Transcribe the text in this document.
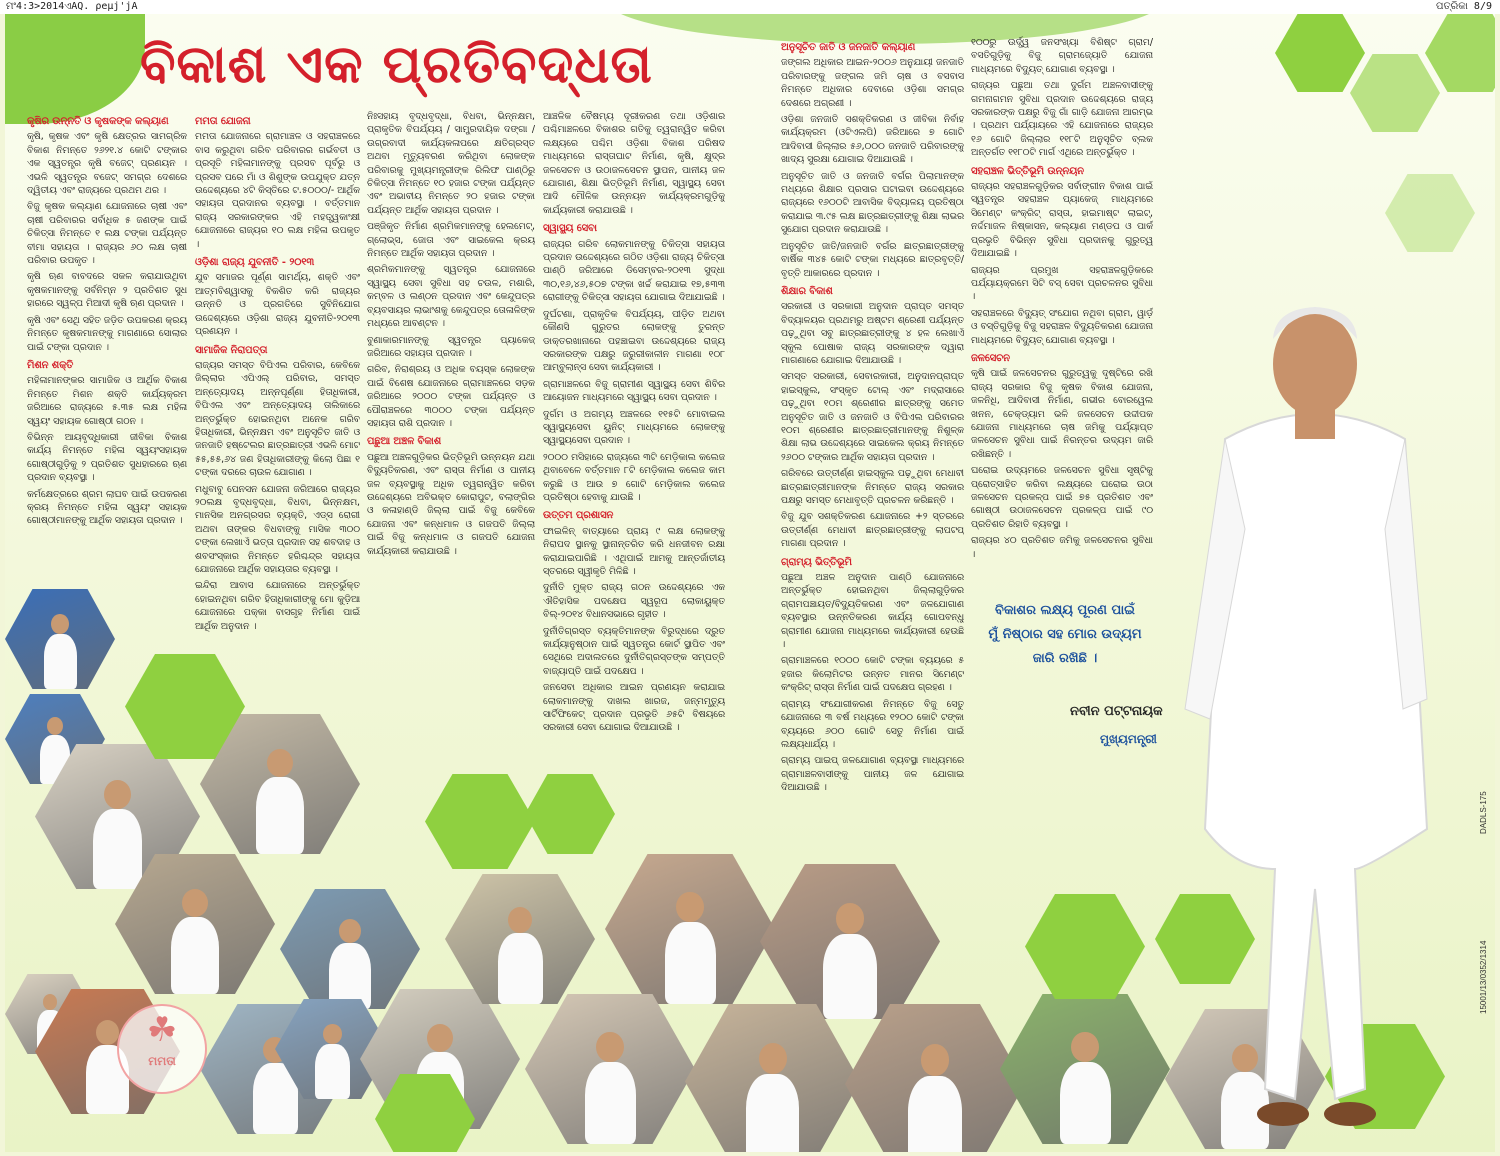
ମଂ4:3>2014ଏAQ. ρeμj'jA	ପତ୍ରିକା 8/9
ବିକାଶ ଏକ ପ୍ରତିବଦ୍ଧତା
କୃଷିର ଉନ୍ନତି ଓ କୃଷକଙ୍କ କଲ୍ୟାଣ

କୃଷି, କୃଷକ ଏବଂ କୃଷି କ୍ଷେତ୍ରର ସାମଗ୍ରିକ ବିକାଶ ନିମନ୍ତେ ୨୬୨୧.୪ କୋଟି ଟଙ୍କାର ଏକ ସ୍ୱତନ୍ତ୍ର କୃଷି ବଜେଟ୍ ପ୍ରଣୟନ । ଏଭଳି ସ୍ୱତନ୍ତ୍ର ବଜେଟ୍ ସମଗ୍ର ଦେଶରେ ଦ୍ୱିତୀୟ ଏବଂ ରାଜ୍ୟରେ ପ୍ରଥମ ଥର ।

ବିଜୁ କୃଷକ କଲ୍ୟାଣ ଯୋଜନାରେ ଚାଷୀ ଏବଂ ଚାଷୀ ପରିବାରର ସର୍ବାଧିକ ୫ ଜଣଙ୍କ ପାଇଁ ଚିକିତ୍ସା ନିମନ୍ତେ ୧ ଲକ୍ଷ ଟଙ୍କା ପର୍ଯ୍ୟନ୍ତ ବୀମା ସହାୟତା । ରାଜ୍ୟର ୬୦ ଲକ୍ଷ ଚାଷୀ ପରିବାର ଉପକୃତ ।

କୃଷି ଋଣ ବାବଦରେ ସକଳ କରାଯାଉଥିବା କୃଷକମାନଙ୍କୁ ସର୍ବନିମ୍ନ ୨ ପ୍ରତିଶତ ସୁଧ ହାରରେ ସ୍ୱଳ୍ପ ମିଆଦୀ କୃଷି ଋଣ ପ୍ରଦାନ ।

କୃଷି ଏବଂ ସେଥି ସହିତ ଜଡ଼ିତ ଉପକରଣ କ୍ରୟ ନିମନ୍ତେ କୃଷକମାନଙ୍କୁ ମାଗଣାରେ ସୋଲାର ପାଇଁ ଟଙ୍କା ପ୍ରଦାନ ।

ମିଶନ ଶକ୍ତି

ମହିଳାମାନଙ୍କର ସାମାଜିକ ଓ ଆର୍ଥିକ ବିକାଶ ନିମନ୍ତେ ମିଶନ ଶକ୍ତି କାର୍ଯ୍ୟକ୍ରମ ଜରିଆରେ ରାଜ୍ୟରେ ୫.୩୫ ଲକ୍ଷ ମହିଳା ସ୍ୱୟଂ ସହାୟକ ଗୋଷ୍ଠୀ ଗଠନ ।

ବିଭିନ୍ନ ଆୟବୃଦ୍ଧିକାରୀ ଜୀବିକା ବିକାଶ କାର୍ଯ୍ୟ ନିମନ୍ତେ ମହିଳା ସ୍ୱୟଂସହାୟକ ଗୋଷ୍ଠୀଗୁଡ଼ିକୁ ୨ ପ୍ରତିଶତ ସୁଧହାରରେ ଋଣ ପ୍ରଦାନ ବ୍ୟବସ୍ଥା ।

କର୍ମକ୍ଷେତ୍ରରେ ଶ୍ରମ ଲାଘବ ପାଇଁ ଉପକରଣ କ୍ରୟ ନିମନ୍ତେ ମହିଳା ସ୍ୱୟଂ ସହାୟକ ଗୋଷ୍ଠୀମାନଙ୍କୁ ଆର୍ଥିକ ସହାୟତା ପ୍ରଦାନ ।

ମମତା ଯୋଜନା

ମମତା ଯୋଜନାରେ ଗ୍ରାମାଞ୍ଚଳ ଓ ସହରାଞ୍ଚଳରେ ବାସ କରୁଥିବା ଗରିବ ପରିବାରର ଗର୍ଭବତୀ ଓ ପ୍ରସୂତି ମହିଳାମାନଙ୍କୁ ପ୍ରସବ ପୂର୍ବରୁ ଓ ପ୍ରସବ ପରେ ମାଁ ଓ ଶିଶୁଙ୍କ ଉପଯୁକ୍ତ ଯତ୍ନ ଉଦ୍ଦେଶ୍ୟରେ ୪ଟି କିସ୍ତିରେ ଟ.୫୦୦୦/- ଆର୍ଥିକ ସହାୟତା ପ୍ରଦାନର ବ୍ୟବସ୍ଥା । ବର୍ତ୍ତମାନ ରାଜ୍ୟ ସରକାରଙ୍କର ଏହି ମହତ୍ତ୍ୱକାଂକ୍ଷୀ ଯୋଜନାରେ ରାଜ୍ୟର ୧୦ ଲକ୍ଷ ମହିଳା ଉପକୃତ ।

ଓଡ଼ିଶା ରାଜ୍ୟ ଯୁବନୀତି - ୨୦୧୩

ଯୁବ ସମାଜର ପୂର୍ଣ୍ଣ ସାମର୍ଥ୍ୟ, ଶକ୍ତି ଏବଂ ଆତ୍ମବିଶ୍ୱାସକୁ ବିକଶିତ କରି ରାଜ୍ୟର ଉନ୍ନତି ଓ ପ୍ରଗତିରେ ସୁବିନିଯୋଗ ଉଦ୍ଦେଶ୍ୟରେ ଓଡ଼ିଶା ରାଜ୍ୟ ଯୁବନୀତି-୨୦୧୩ ପ୍ରଣୟନ ।

ସାମାଜିକ ନିରାପତ୍ତା

ରାଜ୍ୟର ସମସ୍ତ ବିପିଏଲ ପରିବାର, କେବିକେ ଜିଲ୍ଲାର ଏପିଏଲ୍ ପରିବାର, ସମସ୍ତ ଅନ୍ତ୍ୟୋଦୟ ଅନ୍ନପୂର୍ଣ୍ଣା ହିତାଧିକାରୀ, ବିପିଏଲ ଏବଂ ଅନ୍ତ୍ୟୋଦୟ ତାଲିକାରେ ଅନ୍ତର୍ଭୁକ୍ତ ହୋଇନଥିବା ଅନେକ ଗରିବ ହିତାଧିକାରୀ, ଭିନ୍ନକ୍ଷମ ଏବଂ ଅନୁସୂଚିତ ଜାତି ଓ ଜନଜାତି ହଷ୍ଟେଲର ଛାତ୍ରଛାତ୍ରୀ ଏଭଳି ମୋଟ ୫୫,୫୫,୬୪ ଜଣ ହିତାଧିକାରୀଙ୍କୁ କିଲୋ ପିଛା ୧ ଟଙ୍କା ଦରରେ ଚାଉଳ ଯୋଗାଣ ।

ମଧୁବାବୁ ପେନସନ ଯୋଜନା ଜରିଆରେ ରାଜ୍ୟର ୨୦ଲକ୍ଷ ବୃଦ୍ଧବୃଦ୍ଧା, ବିଧବା, ଭିନ୍ନକ୍ଷମ, ମାନସିକ ଅନଗ୍ରସର ବ୍ୟକ୍ତି, ଏଡ୍ସ ରୋଗୀ ଅଥବା ତାଙ୍କର ବିଧବାଙ୍କୁ ମାସିକ ୩୦୦ ଟଙ୍କା ଲେଖାଏଁ ଭତ୍ତା ପ୍ରଦାନ ସହ ଶବଦାହ ଓ ଶବସଂସ୍କାର ନିମନ୍ତେ ହରିଶ୍ଚନ୍ଦ୍ର ସହାୟତା ଯୋଜନାରେ ଆର୍ଥିକ ସହାୟତାର ବ୍ୟବସ୍ଥା ।

ଇନ୍ଦିରା ଆବାସ ଯୋଜନାରେ ଅନ୍ତର୍ଭୁକ୍ତ ହୋଇନଥିବା ଗରିବ ହିତାଧିକାରୀଙ୍କୁ ମୋ କୁଡ଼ିଆ ଯୋଜନାରେ ପକ୍କା ବାସଗୃହ ନିର୍ମାଣ ପାଇଁ ଆର୍ଥିକ ଅନୁଦାନ ।

ନିଃସହାୟ ବୃଦ୍ଧବୃଦ୍ଧା, ବିଧବା, ଭିନ୍ନକ୍ଷମ, ପ୍ରାକୃତିକ ବିପର୍ଯ୍ୟୟ / ସାମ୍ପ୍ରଦାୟିକ ଦଙ୍ଗା / ଉଗ୍ରବାଦୀ କାର୍ଯ୍ୟକଳାପରେ କ୍ଷତିଗ୍ରସ୍ତ ଅଥବା ମୃତ୍ୟୁବରଣ କରିଥିବା ଲୋକଙ୍କ ପରିବାରକୁ ମୁଖ୍ୟମନ୍ତ୍ରୀଙ୍କ ରିଲିଫ ପାଣ୍ଠିରୁ ଚିକିତ୍ସା ନିମନ୍ତେ ୧୦ ହଜାର ଟଙ୍କା ପର୍ଯ୍ୟନ୍ତ ଏବଂ ଅଭାବୀୟ ନିମନ୍ତେ ୨୦ ହଜାର ଟଙ୍କା ପର୍ଯ୍ୟନ୍ତ ଆର୍ଥିକ ସହାୟତା ପ୍ରଦାନ ।

ପଞ୍ଜିକୃତ ନିର୍ମାଣ ଶ୍ରମିକମାନଙ୍କୁ ହେଲମେଟ୍, ଗ୍ଲୋଭ୍ସ, ଜୋତା ଏବଂ ସାଇକେଲ କ୍ରୟ ନିମନ୍ତେ ଆର୍ଥିକ ସହାୟତା ପ୍ରଦାନ ।

ଶ୍ରମିକମାନଙ୍କୁ ସ୍ୱତନ୍ତ୍ର ଯୋଜନାରେ ସ୍ୱାସ୍ଥ୍ୟ ସେବା ସୁବିଧା ସହ ଚଉଳ, ମଶାରି, କମ୍ବଳ ଓ ଲଣ୍ଠନ ପ୍ରଦାନ ଏବଂ କେନ୍ଦୁପତ୍ର ବ୍ୟବସାୟର ଲାଭାଂଶକୁ କେନ୍ଦୁପତ୍ର ତୋଳାଳିଙ୍କ ମଧ୍ୟରେ ଆବଣ୍ଟନ ।

ବୁଣାକାରମାନଙ୍କୁ ସ୍ୱତନ୍ତ୍ର ପ୍ୟାକେଜ୍ ଜରିଆରେ ସହାୟତା ପ୍ରଦାନ ।

ଗରିବ, ନିରାଶ୍ରୟ ଓ ଅଧିକ ବୟସ୍କ ଲୋକଙ୍କ ପାଇଁ ବିଶେଷ ଯୋଜନାରେ ଗ୍ରାମାଞ୍ଚଳରେ ସଡ଼କ ଜରିଆରେ ୨୦୦୦ ଟଙ୍କା ପର୍ଯ୍ୟନ୍ତ ଓ ପୌରାଞ୍ଚଳରେ ୩୦୦୦ ଟଙ୍କା ପର୍ଯ୍ୟନ୍ତ ସହାୟତା ରାଶି ପ୍ରଦାନ ।

ପଛୁଆ ଅଞ୍ଚଳ ବିକାଶ

ପଛୁଆ ଅଞ୍ଚଳଗୁଡ଼ିକର ଭିତ୍ତିଭୂମି ଉନ୍ନୟନ ଯଥା ବିଦ୍ୟୁତିକରଣ, ଏବଂ ରାସ୍ତା ନିର୍ମାଣ ଓ ପାନୀୟ ଜଳ ବ୍ୟବସ୍ଥାକୁ ଅଧିକ ତ୍ୱରାନ୍ୱିତ କରିବା ଉଦ୍ଦେଶ୍ୟରେ ଅବିଭକ୍ତ କୋରାପୁଟ, ବଲାଙ୍ଗିର ଓ କଳାହାଣ୍ଡି ଜିଲ୍ଲା ପାଇଁ ବିଜୁ କେବିକେ ଯୋଜନା ଏବଂ କନ୍ଧମାଳ ଓ ଗଜପତି ଜିଲ୍ଲା ପାଇଁ ବିଜୁ କନ୍ଧମାଳ ଓ ଗଜପତି ଯୋଜନା କାର୍ଯ୍ୟକାରୀ କରାଯାଉଛି ।

ଆଞ୍ଚଳିକ ବୈଷମ୍ୟ ଦୂରୀକରଣ ତଥା ଓଡ଼ିଶାର ପଶ୍ଚିମାଞ୍ଚଳରେ ବିକାଶର ଗତିକୁ ତ୍ୱରାନ୍ୱିତ କରିବା ଲକ୍ଷ୍ୟରେ ପଶ୍ଚିମ ଓଡ଼ିଶା ବିକାଶ ପରିଷଦ ମାଧ୍ୟମରେ ରାସ୍ତାଘାଟ ନିର୍ମାଣ, କୃଷି, କ୍ଷୁଦ୍ର ଜଳସେଚନ ଓ ଉଠାଜଳସେଚନ ସ୍ଥାପନ, ପାନୀୟ ଜଳ ଯୋଗାଣ, ଶିକ୍ଷା ଭିତ୍ତିଭୂମି ନିର୍ମାଣ, ସ୍ୱାସ୍ଥ୍ୟ ସେବା ଆଦି ମୌଳିକ ଉନ୍ନୟନ କାର୍ଯ୍ୟକ୍ରମଗୁଡ଼ିକୁ କାର୍ଯ୍ୟକାରୀ କରାଯାଉଛି ।

ସ୍ୱାସ୍ଥ୍ୟ ସେବା

ରାଜ୍ୟର ଗରିବ ଲୋକମାନଙ୍କୁ ଚିକିତ୍ସା ସହାୟତା ପ୍ରଦାନ ଉଦ୍ଦେଶ୍ୟରେ ଗଠିତ ଓଡ଼ିଶା ରାଜ୍ୟ ଚିକିତ୍ସା ପାଣ୍ଠି ଜରିଆରେ ଡିସେମ୍ବର-୨୦୧୩ ସୁଦ୍ଧା ୩୦,୧୬,୪୬,୫୦୭ ଟଙ୍କା ଖର୍ଚ୍ଚ କରାଯାଇ ୧୭,୫୩୩ ରୋଗୀଙ୍କୁ ଚିକିତ୍ସା ସହାୟତା ଯୋଗାଇ ଦିଆଯାଇଛି ।

ଦୁର୍ଘଟଣା, ପ୍ରାକୃତିକ ବିପର୍ଯ୍ୟୟ, ପୀଡ଼ିତ ଅଥବା କୌଣସି ଗୁରୁତର ଲୋକଙ୍କୁ ତୁରନ୍ତ ଡାକ୍ତରଖାନାରେ ପହଞ୍ଚାଇବା ଉଦ୍ଦେଶ୍ୟରେ ରାଜ୍ୟ ସରକାରଙ୍କ ପକ୍ଷରୁ ଜରୁରୀକାଳୀନ ମାଗଣା ୧୦୮ ଆମ୍ବୁଲାନ୍ସ ସେବା କାର୍ଯ୍ୟକାରୀ ।

ଗ୍ରାମାଞ୍ଚଳରେ ବିଜୁ ଗ୍ରାମୀଣ ସ୍ୱାସ୍ଥ୍ୟ ସେବା ଶିବିର ଆୟୋଜନ ମାଧ୍ୟମରେ ସ୍ୱାସ୍ଥ୍ୟ ସେବା ପ୍ରଦାନ ।

ଦୁର୍ଗମ ଓ ଅଗମ୍ୟ ଅଞ୍ଚଳରେ ୧୧୫ଟି ମୋବାଇଲ ସ୍ୱାସ୍ଥ୍ୟସେବା ୟୁନିଟ୍ ମାଧ୍ୟମରେ ଲୋକଙ୍କୁ ସ୍ୱାସ୍ଥ୍ୟସେବା ପ୍ରଦାନ ।

୨୦୦୦ ମସିହାରେ ରାଜ୍ୟରେ ୩ଟି ମେଡ଼ିକାଲ କଲେଜ ଥିବାବେଳେ ବର୍ତ୍ତମାନ ୮ଟି ମେଡ଼ିକାଲ କଲେଜ କାମ କରୁଛି ଓ ଆଉ ୭ ଗୋଟି ମେଡ଼ିକାଲ କଲେଜ ପ୍ରତିଷ୍ଠା ହେବାକୁ ଯାଉଛି ।

ଉତ୍ତମ ପ୍ରଶାସନ

ଫାଇଳିନ୍ ବାତ୍ୟାରେ ପ୍ରାୟ ୯ ଲକ୍ଷ ଲୋକଙ୍କୁ ନିରାପଦ ସ୍ଥାନକୁ ସ୍ଥାନାନ୍ତରିତ କରି ଧନଜୀବନ ରକ୍ଷା କରାଯାଇପାରିଛି । ଏଥିପାଇଁ ଆମକୁ ଆନ୍ତର୍ଜାତୀୟ ସ୍ତରରେ ସ୍ୱୀକୃତି ମିଳିଛି ।

ଦୁର୍ନୀତି ମୁକ୍ତ ରାଜ୍ୟ ଗଠନ ଉଦ୍ଦେଶ୍ୟରେ ଏକ ଐତିହାସିକ ପଦକ୍ଷେପ ସ୍ୱରୂପ ଲୋକାୟୁକ୍ତ ବିଲ୍-୨୦୧୪ ବିଧାନସଭାରେ ଗୃହୀତ ।

ଦୁର୍ନୀତିଗ୍ରସ୍ତ ବ୍ୟକ୍ତିମାନଙ୍କ ବିରୁଦ୍ଧରେ ଦ୍ରୁତ କାର୍ଯ୍ୟାନୁଷ୍ଠାନ ପାଇଁ ସ୍ୱତନ୍ତ୍ର କୋର୍ଟ ସ୍ଥାପିତ ଏବଂ ସେଥିରେ ଅଦାଲତରେ ଦୁର୍ନୀତିଗ୍ରସ୍ତଙ୍କ ସମ୍ପତ୍ତି ବାଜ୍ୟାପ୍ତି ପାଇଁ ପଦକ୍ଷେପ ।

ଜନସେବା ଅଧିକାର ଆଇନ ପ୍ରଣୟନ କରାଯାଇ ଲୋକମାନଙ୍କୁ ଦାଖଲ ଖାରଜ, ଜନ୍ମମୃତ୍ୟୁ ସାର୍ଟିଫିକେଟ୍ ପ୍ରଦାନ ପ୍ରଭୃତି ୬୫ଟି ବିଷୟରେ ସରକାରୀ ସେବା ଯୋଗାଇ ଦିଆଯାଉଛି ।

ଅନୁସୂଚିତ ଜାତି ଓ ଜନଜାତି କଲ୍ୟାଣ

ଜଙ୍ଗଲ ଅଧିକାର ଆଇନ-୨୦୦୬ ଅନୁଯାୟୀ ଜନଜାତି ପରିବାରଙ୍କୁ ଜଙ୍ଗଲ ଜମି ଚାଷ ଓ ବସବାସ ନିମନ୍ତେ ଅଧିକାର ଦେବାରେ ଓଡ଼ିଶା ସମଗ୍ର ଦେଶରେ ଅଗ୍ରଣୀ ।

ଓଡ଼ିଶା ଜନଜାତି ସଶକ୍ତିକରଣ ଓ ଜୀବିକା ନିର୍ବାହ କାର୍ଯ୍ୟକ୍ରମ (ଓଟିଏଲପି) ଜରିଆରେ ୭ ଗୋଟି ଆଦିବାସୀ ଜିଲ୍ଲାର ୫୬,୦୦୦ ଜନଜାତି ପରିବାରଙ୍କୁ ଖାଦ୍ୟ ସୁରକ୍ଷା ଯୋଗାଇ ଦିଆଯାଉଛି ।

ଅନୁସୂଚିତ ଜାତି ଓ ଜନଜାତି ବର୍ଗର ପିଲାମାନଙ୍କ ମଧ୍ୟରେ ଶିକ୍ଷାର ପ୍ରସାର ଘଟାଇବା ଉଦ୍ଦେଶ୍ୟରେ ରାଜ୍ୟରେ ୧୬୦୦ଟି ଆବାସିକ ବିଦ୍ୟାଳୟ ପ୍ରତିଷ୍ଠା କରାଯାଇ ୩.୯୫ ଲକ୍ଷ ଛାତ୍ରଛାତ୍ରୀଙ୍କୁ ଶିକ୍ଷା ଲାଭର ସୁଯୋଗ ପ୍ରଦାନ କରାଯାଉଛି ।

ଅନୁସୂଚିତ ଜାତି/ଜନଜାତି ବର୍ଗର ଛାତ୍ରଛାତ୍ରୀଙ୍କୁ ବାର୍ଷିକ ୩୪୫ କୋଟି ଟଙ୍କା ମଧ୍ୟରେ ଛାତ୍ରବୃତ୍ତି/ବୃତ୍ତି ଆକାରରେ ପ୍ରଦାନ ।

ଶିକ୍ଷାର ବିକାଶ

ସରକାରୀ ଓ ସରକାରୀ ଅନୁଦାନ ପ୍ରାପ୍ତ ସମସ୍ତ ବିଦ୍ୟାଳୟର ପ୍ରଥମରୁ ଅଷ୍ଟମ ଶ୍ରେଣୀ ପର୍ଯ୍ୟନ୍ତ ପଢ଼ୁଥିବା ସବୁ ଛାତ୍ରଛାତ୍ରୀଙ୍କୁ ୪ ହଳ ଲେଖାଏଁ ସ୍କୁଲ ପୋଷାକ ରାଜ୍ୟ ସରକାରଙ୍କ ଦ୍ୱାରା ମାଗଣାରେ ଯୋଗାଇ ଦିଆଯାଉଛି ।

ସମସ୍ତ ସରକାରୀ, ସେବାରକାରୀ, ଅନୁଦାନପ୍ରାପ୍ତ ହାଇସ୍କୁଲ, ସଂସ୍କୃତ ଟୋଲ୍ ଏବଂ ମଦ୍ରାସାରେ ପଢ଼ୁଥିବା ୧୦ମ ଶ୍ରେଣୀର ଛାତ୍ରଙ୍କୁ ସମେତ ଅନୁସୂଚିତ ଜାତି ଓ ଜନଜାତି ଓ ବିପିଏଲ ପରିବାରର ୧୦ମ ଶ୍ରେଣୀର ଛାତ୍ରଛାତ୍ରୀମାନଙ୍କୁ ନିଶୁଳ୍କ ଶିକ୍ଷା ଲାଭ ଉଦ୍ଦେଶ୍ୟରେ ସାଇକେଲ କ୍ରୟ ନିମନ୍ତେ ୨୬୦୦ ଟଙ୍କାର ଆର୍ଥିକ ସହାୟତା ପ୍ରଦାନ ।

ଗରିବରେ ଉତ୍ତୀର୍ଣ୍ଣ ହାଇସ୍କୁଲ ପଢ଼ୁଥିବା ମେଧାବୀ ଛାତ୍ରଛାତ୍ରୀମାନଙ୍କ ନିମନ୍ତେ ରାଜ୍ୟ ସରକାର ପକ୍ଷରୁ ସମସ୍ତ ମେଧାବୃତ୍ତି ପ୍ରଚଳନ କରିଛନ୍ତି ।

ବିଜୁ ଯୁବ ସଶକ୍ତିକରଣ ଯୋଜନାରେ +୨ ସ୍ତରରେ ଉତ୍ତୀର୍ଣ୍ଣ ମେଧାବୀ ଛାତ୍ରଛାତ୍ରୀଙ୍କୁ ଲାପଟପ୍ ମାଗଣା ପ୍ରଦାନ ।

ଗ୍ରାମ୍ୟ ଭିତ୍ତିଭୂମି

ପଛୁଆ ଅଞ୍ଚଳ ଅନୁଦାନ ପାଣ୍ଠି ଯୋଜନାରେ ଅନ୍ତର୍ଭୁକ୍ତ ହୋଇନଥିବା ଜିଲ୍ଲାଗୁଡ଼ିକର ଗ୍ରାମପଞ୍ଚାୟତ/ବିଦ୍ୟୁତିକରଣ ଏବଂ ଜଳଯୋଗାଣ ବ୍ୟବସ୍ଥାର ଉନ୍ନତିକରଣ କାର୍ଯ୍ୟ ଗୋପବନ୍ଧୁ ଗ୍ରାମୀଣ ଯୋଜନା ମାଧ୍ୟମରେ କାର୍ଯ୍ୟକାରୀ ହେଉଛି ।

ଗ୍ରାମାଞ୍ଚଳରେ ୧୦୦୦ କୋଟି ଟଙ୍କା ବ୍ୟୟରେ ୫ ହଜାର କିଲୋମିଟର ଉନ୍ନତ ମାନର ସିମେଣ୍ଟ କଂକ୍ରିଟ୍ ରାସ୍ତା ନିର୍ମାଣ ପାଇଁ ପଦକ୍ଷେପ ଗ୍ରହଣ ।

ଗ୍ରାମ୍ୟ ସଂଯୋଗୀକରଣ ନିମନ୍ତେ ବିଜୁ ସେତୁ ଯୋଜନାରେ ୩ ବର୍ଷ ମଧ୍ୟରେ ୧୨୦୦ କୋଟି ଟଙ୍କା ବ୍ୟୟରେ ୬୦୦ ଗୋଟି ସେତୁ ନିର୍ମାଣ ପାଇଁ ଲକ୍ଷ୍ୟଧାର୍ଯ୍ୟ ।

ଗ୍ରାମ୍ୟ ପାଇପ୍ ଜଳଯୋଗାଣ ବ୍ୟବସ୍ଥା ମାଧ୍ୟମରେ ଗ୍ରାମାଞ୍ଚଳବାସୀଙ୍କୁ ପାନୀୟ ଜଳ ଯୋଗାଇ ଦିଆଯାଉଛି ।

୧୦୦ରୁ ଉର୍ଦ୍ଧ୍ୱ ଜନସଂଖ୍ୟା ବିଶିଷ୍ଟ ଗ୍ରାମ/ବସତିଗୁଡ଼ିକୁ ବିଜୁ ଗ୍ରାମଜ୍ୟୋତି ଯୋଜନା ମାଧ୍ୟମରେ ବିଦ୍ୟୁତ୍ ଯୋଗାଣ ବ୍ୟବସ୍ଥା ।

ରାଜ୍ୟର ପଛୁଆ ତଥା ଦୁର୍ଗମ ଅଞ୍ଚଳବାସୀଙ୍କୁ ଗମନାଗମନ ସୁବିଧା ପ୍ରଦାନ ଉଦ୍ଦେଶ୍ୟରେ ରାଜ୍ୟ ସରକାରଙ୍କ ପକ୍ଷରୁ ବିଜୁ ଗାଁ ଗାଡ଼ି ଯୋଜନା ଆରମ୍ଭ । ପ୍ରଥମ ପର୍ଯ୍ୟାୟରେ ଏହି ଯୋଜନାରେ ରାଜ୍ୟର ୧୬ ଗୋଟି ଜିଲ୍ଲାର ୧୧୮ଟି ଅନୁସୂଚିତ ବ୍ଲକ ଅନ୍ତର୍ଗତ ୧୧୮୦ଟି ମାର୍ଗ ଏଥିରେ ଅନ୍ତର୍ଭୁକ୍ତ ।

ସହରାଞ୍ଚଳ ଭିତ୍ତିଭୂମି ଉନ୍ନୟନ

ରାଜ୍ୟର ସହରାଞ୍ଚଳଗୁଡ଼ିକର ସର୍ବାଙ୍ଗୀନ ବିକାଶ ପାଇଁ ସ୍ୱତନ୍ତ୍ର ସହରାଞ୍ଚଳ ପ୍ୟାକେଜ୍ ମାଧ୍ୟମରେ ସିମେଣ୍ଟ କଂକ୍ରିଟ୍ ରାସ୍ତା, ହାଇମାଷ୍ଟ ଲାଇଟ୍, ନର୍ଦ୍ଦମାଜଳ ନିଷ୍କାସନ, କଲ୍ୟାଣ ମଣ୍ଡପ ଓ ପାର୍କ ପ୍ରଭୃତି ବିଭିନ୍ନ ସୁବିଧା ପ୍ରଦାନକୁ ଗୁରୁତ୍ୱ ଦିଆଯାଇଛି ।

ରାଜ୍ୟର ପ୍ରମୁଖ ସହରାଞ୍ଚଳଗୁଡ଼ିକରେ ପର୍ଯ୍ୟାୟକ୍ରମେ ସିଟି ବସ୍ ସେବା ପ୍ରଚଳନର ସୁବିଧା ।

ସହରାଞ୍ଚଳରେ ବିଦ୍ୟୁତ୍ ସଂଯୋଗ ନଥିବା ଗ୍ରାମ, ୱାର୍ଡ଼ ଓ ବସ୍ତିଗୁଡ଼ିକୁ ବିଜୁ ସହରାଞ୍ଚଳ ବିଦ୍ୟୁତିକରଣ ଯୋଜନା ମାଧ୍ୟମରେ ବିଦ୍ୟୁତ୍ ଯୋଗାଣ ବ୍ୟବସ୍ଥା ।

ଜଳସେଚନ

କୃଷି ପାଇଁ ଜଳସେଚନର ଗୁରୁତ୍ୱକୁ ଦୃଷ୍ଟିରେ ରଖି ରାଜ୍ୟ ସରକାର ବିଜୁ କୃଷକ ବିକାଶ ଯୋଜନା, ଜଳନିଧି, ଆଦିବାସୀ ନିର୍ମାଣ, ଗଭୀର ବୋରୱେଲ ଖନନ, ଚେକ୍ଡ୍ୟାମ ଭଳି ଜଳସେଚନ ଉଦ୍ଦୀପକ ଯୋଜନା ମାଧ୍ୟମରେ ଚାଷ ଜମିକୁ ପର୍ଯ୍ୟାପ୍ତ ଜଳସେଚନ ସୁବିଧା ପାଇଁ ନିରନ୍ତର ଉଦ୍ୟମ ଜାରି ରଖିଛନ୍ତି ।

ଘରୋଇ ଉଦ୍ୟମରେ ଜଳସେଚନ ସୁବିଧା ସୃଷ୍ଟିକୁ ପ୍ରୋତ୍ସାହିତ କରିବା ଲକ୍ଷ୍ୟରେ ଘରୋଇ ଉଠା ଜଳସେଚନ ପ୍ରକଳ୍ପ ପାଇଁ ୭୫ ପ୍ରତିଶତ ଏବଂ ଗୋଷ୍ଠୀ ଉଠାଜଳସେଚନ ପ୍ରକଳ୍ପ ପାଇଁ ୯୦ ପ୍ରତିଶତ ରିହାତି ବ୍ୟବସ୍ଥା ।

ରାଜ୍ୟର ୪୦ ପ୍ରତିଶତ ଜମିକୁ ଜଳସେଚନର ସୁବିଧା ।

☘
ମମତା
ବିକାଶର ଲକ୍ଷ୍ୟ ପୂରଣ ପାଇଁ
ମୁଁ ନିଷ୍ଠାର ସହ ମୋର ଉଦ୍ୟମ
ଜାରି ରଖିଛି ।
ନବୀନ ପଟ୍ଟନାୟକ
ମୁଖ୍ୟମନ୍ତ୍ରୀ
DADLS-175
15001/13/0352/1314
